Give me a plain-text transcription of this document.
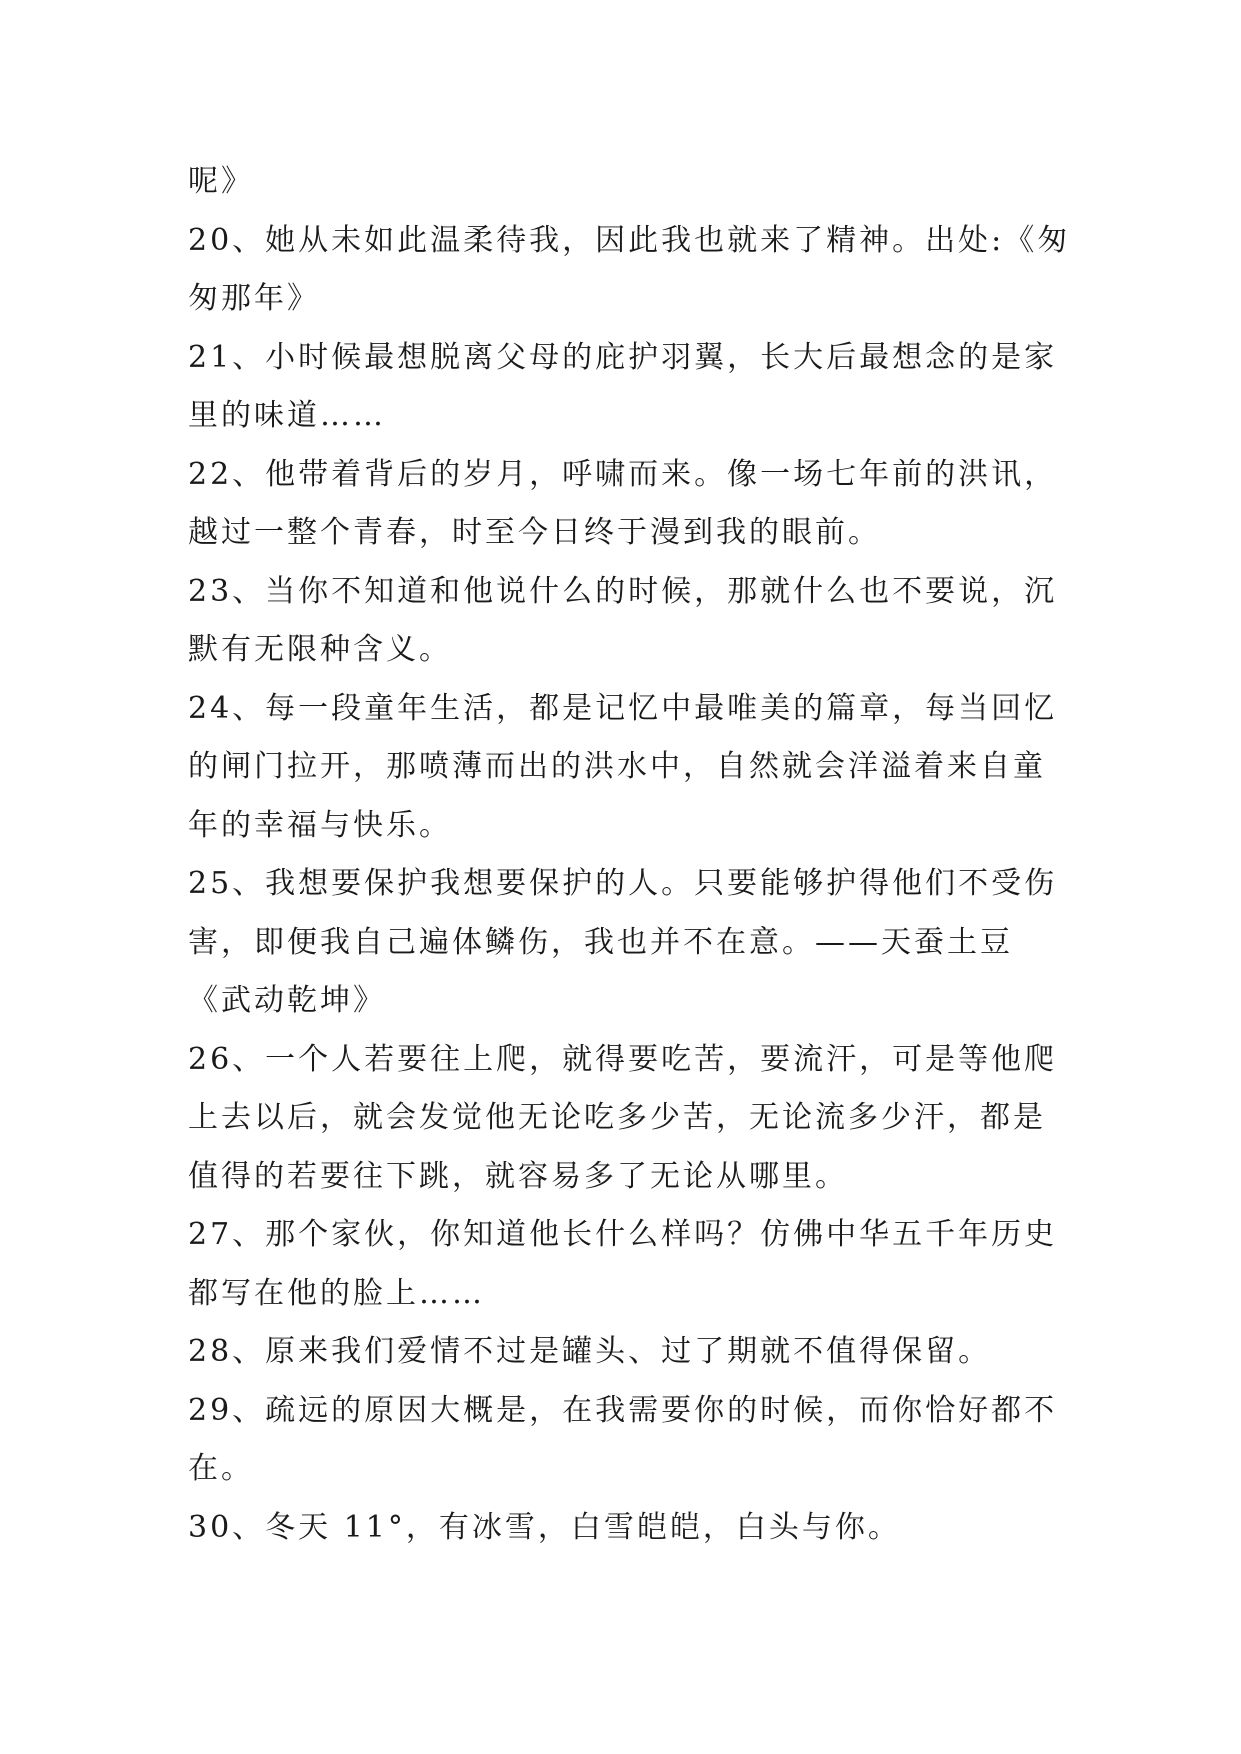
呢》
20、她从未如此温柔待我，因此我也就来了精神。出处:《匆
匆那年》
21、小时候最想脱离父母的庇护羽翼，长大后最想念的是家
里的味道……
22、他带着背后的岁月，呼啸而来。像一场七年前的洪讯，
越过一整个青春，时至今日终于漫到我的眼前。
23、当你不知道和他说什么的时候，那就什么也不要说，沉
默有无限种含义。
24、每一段童年生活，都是记忆中最唯美的篇章，每当回忆
的闸门拉开，那喷薄而出的洪水中，自然就会洋溢着来自童
年的幸福与快乐。
25、我想要保护我想要保护的人。只要能够护得他们不受伤
害，即便我自己遍体鳞伤，我也并不在意。——天蚕土豆
《武动乾坤》
26、一个人若要往上爬，就得要吃苦，要流汗，可是等他爬
上去以后，就会发觉他无论吃多少苦，无论流多少汗，都是
值得的若要往下跳，就容易多了无论从哪里。
27、那个家伙，你知道他长什么样吗？仿佛中华五千年历史
都写在他的脸上……
28、原来我们爱情不过是罐头、过了期就不值得保留。
29、疏远的原因大概是，在我需要你的时候，而你恰好都不
在。
30、冬天 11°，有冰雪，白雪皑皑，白头与你。
